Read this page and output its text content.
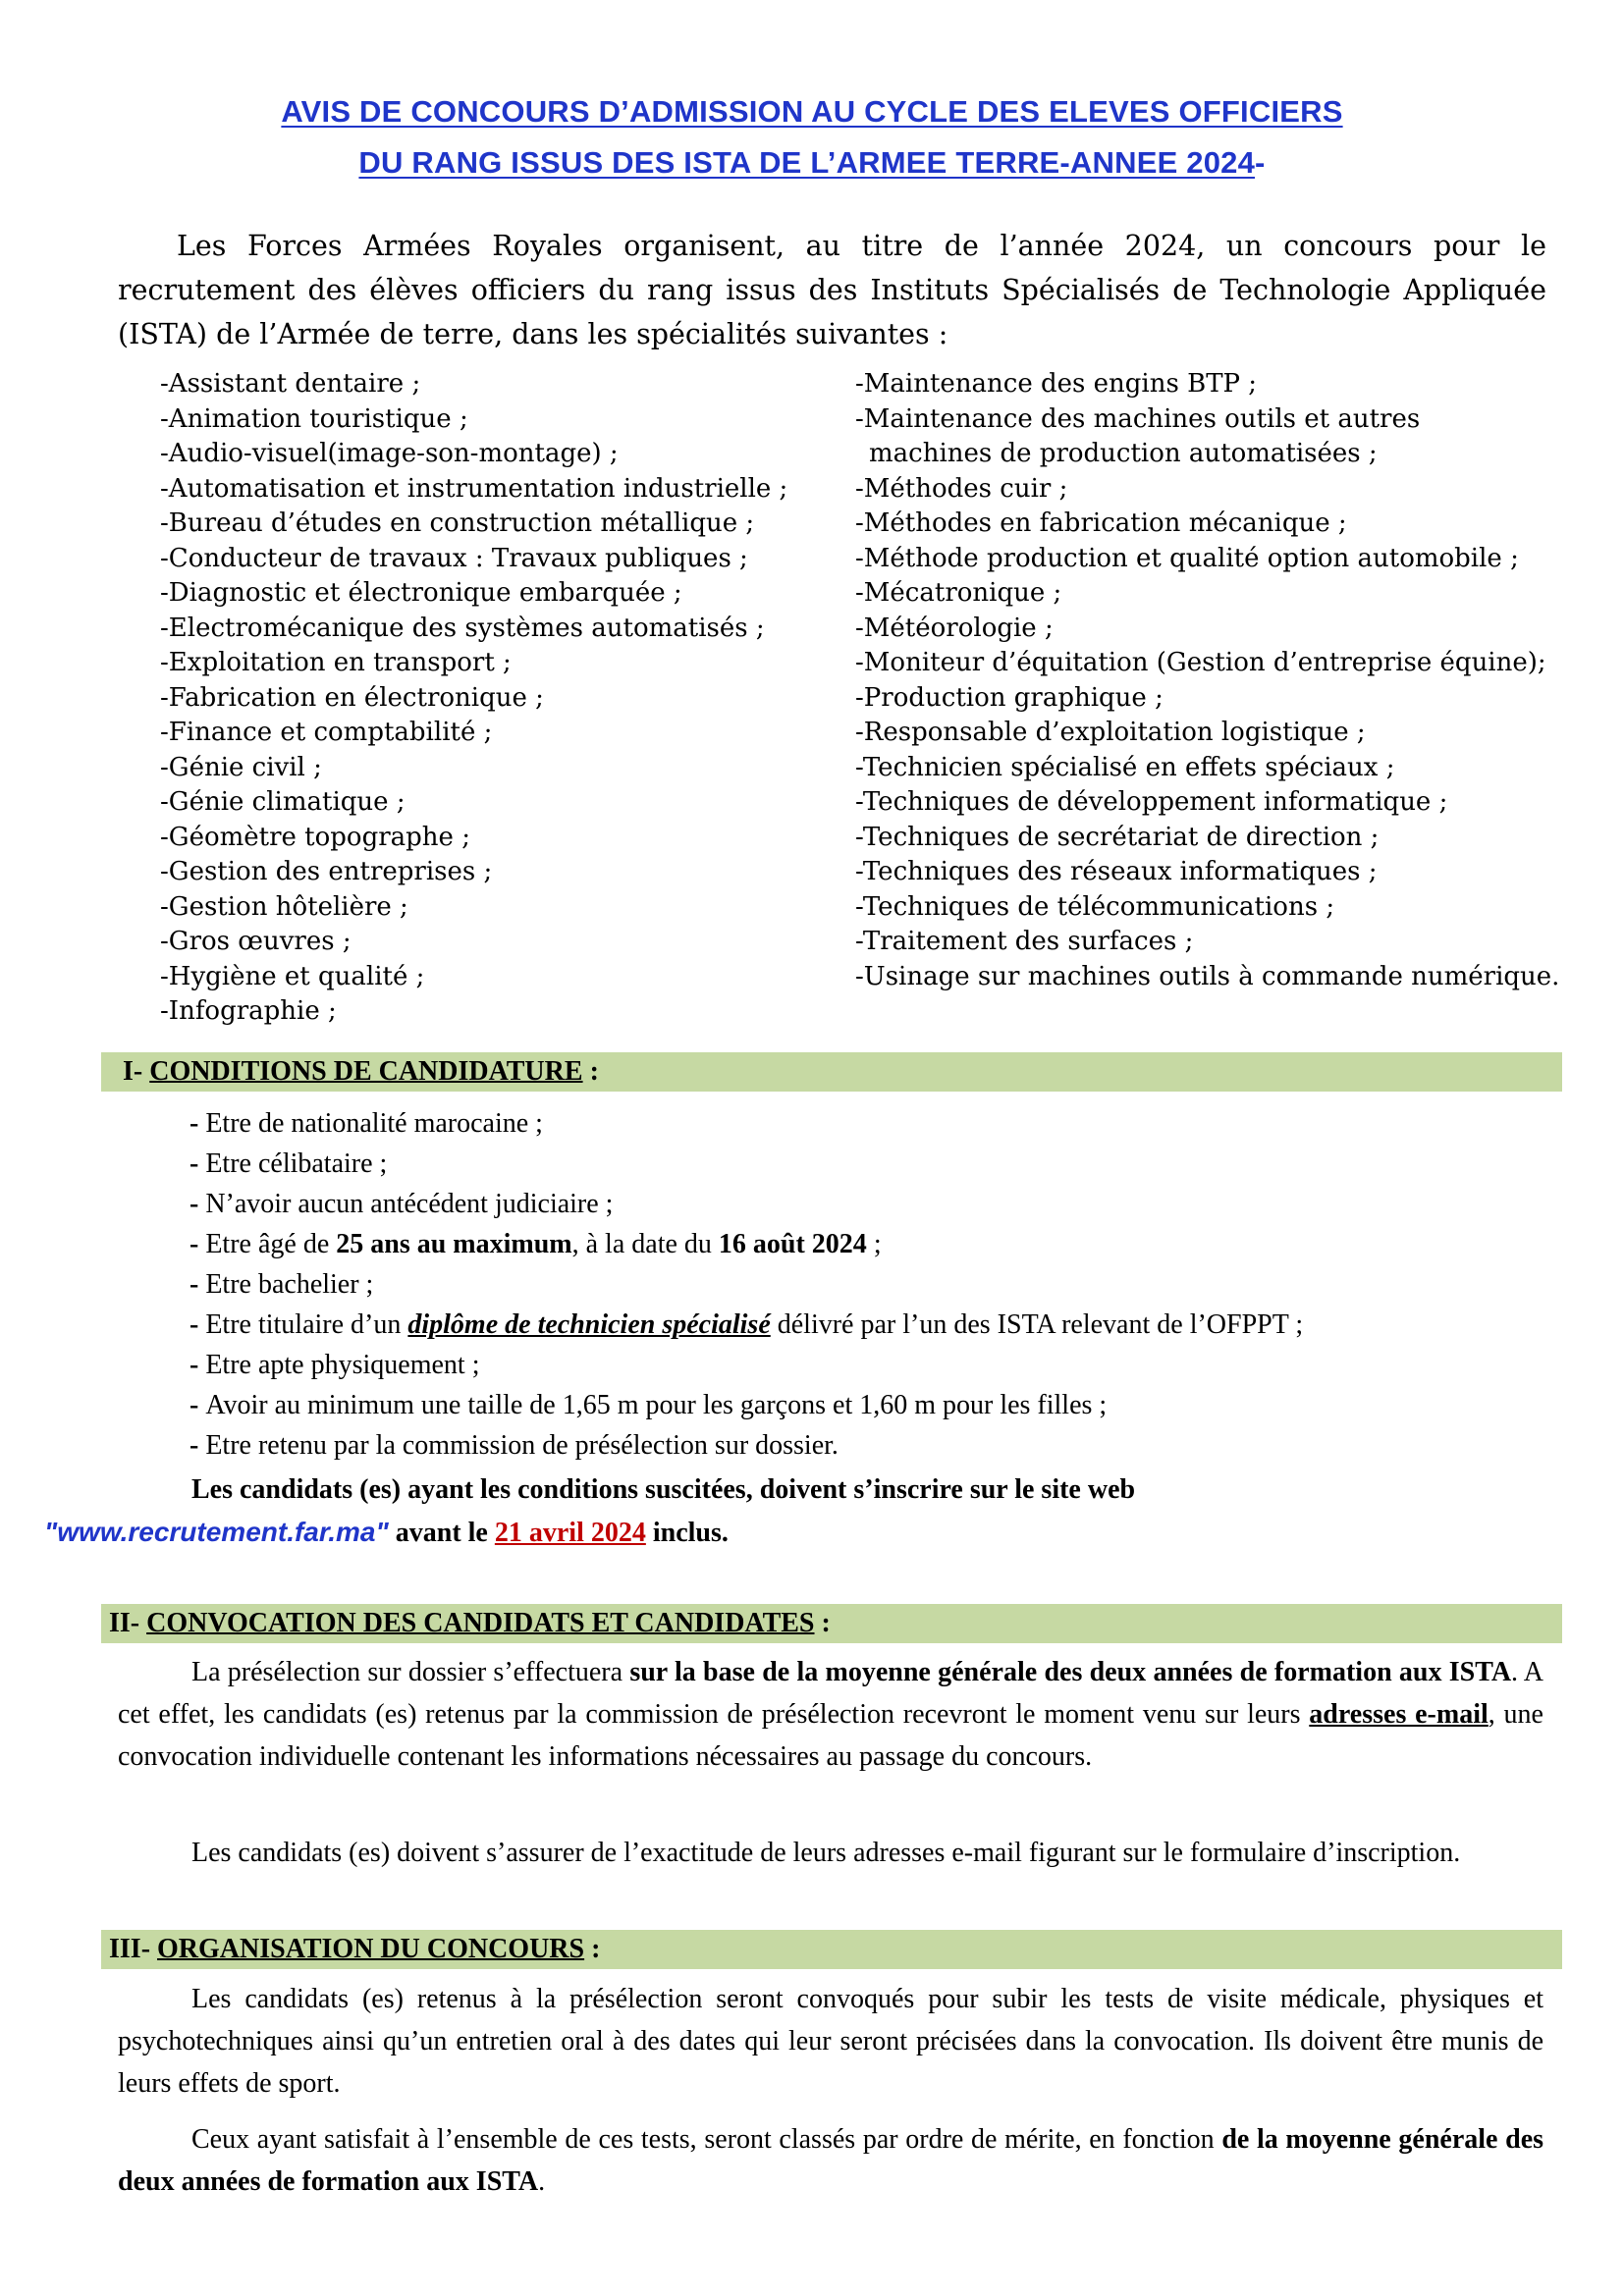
AVIS DE CONCOURS D’ADMISSION AU CYCLE DES ELEVES OFFICIERS
DU RANG ISSUS DES ISTA DE L’ARMEE TERRE-ANNEE 2024-
Les Forces Armées Royales organisent, au titre de l’année 2024, un concours pour le recrutement des élèves officiers du rang issus des Instituts Spécialisés de Technologie Appliquée (ISTA) de l’Armée de terre, dans les spécialités suivantes :
- Assistant dentaire ;
- Animation touristique ;
- Audio-visuel(image-son-montage) ;
- Automatisation et instrumentation industrielle ;
- Bureau d’études en construction métallique ;
- Conducteur de travaux : Travaux publiques ;
- Diagnostic et électronique embarquée ;
- Electromécanique des systèmes automatisés ;
- Exploitation en transport ;
- Fabrication en électronique ;
- Finance et comptabilité ;
- Génie civil ;
- Génie climatique ;
- Géomètre topographe ;
- Gestion des entreprises ;
- Gestion hôtelière ;
- Gros œuvres ;
- Hygiène et qualité ;
- Infographie ;
- Maintenance des engins BTP ;
- Maintenance des machines outils et autres
machines de production automatisées ;
- Méthodes cuir ;
- Méthodes en fabrication mécanique ;
- Méthode production et qualité option automobile ;
- Mécatronique ;
- Météorologie ;
- Moniteur d’équitation (Gestion d’entreprise équine);
- Production graphique ;
- Responsable d’exploitation logistique ;
- Technicien spécialisé en effets spéciaux ;
- Techniques de développement informatique ;
- Techniques de secrétariat de direction ;
- Techniques des réseaux informatiques ;
- Techniques de télécommunications ;
- Traitement des surfaces ;
- Usinage sur machines outils à commande numérique.
I- CONDITIONS DE CANDIDATURE :
- Etre de nationalité marocaine ;
- Etre célibataire ;
- N’avoir aucun antécédent judiciaire ;
- Etre âgé de 25 ans au maximum, à la date du 16 août 2024 ;
- Etre bachelier ;
- Etre titulaire d’un diplôme de technicien spécialisé délivré par l’un des ISTA relevant de l’OFPPT ;
- Etre apte physiquement ;
- Avoir au minimum une taille de 1,65 m pour les garçons et 1,60 m pour les filles ;
- Etre retenu par la commission de présélection sur dossier.
Les candidats (es) ayant les conditions suscitées, doivent s’inscrire sur le site web
"www.recrutement.far.ma" avant le 21 avril 2024 inclus.
II- CONVOCATION DES CANDIDATS ET CANDIDATES :
La présélection sur dossier s’effectuera sur la base de la moyenne générale des deux années de formation aux ISTA. A cet effet, les candidats (es) retenus par la commission de présélection recevront le moment venu sur leurs adresses e-mail, une convocation individuelle contenant les informations nécessaires au passage du concours.
Les candidats (es) doivent s’assurer de l’exactitude de leurs adresses e-mail figurant sur le formulaire d’inscription.
III- ORGANISATION DU CONCOURS :
Les candidats (es) retenus à la présélection seront convoqués pour subir les tests de visite médicale, physiques et psychotechniques ainsi qu’un entretien oral à des dates qui leur seront précisées dans la convocation. Ils doivent être munis de leurs effets de sport.
Ceux ayant satisfait à l’ensemble de ces tests, seront classés par ordre de mérite, en fonction de la moyenne générale des deux années de formation aux ISTA.
